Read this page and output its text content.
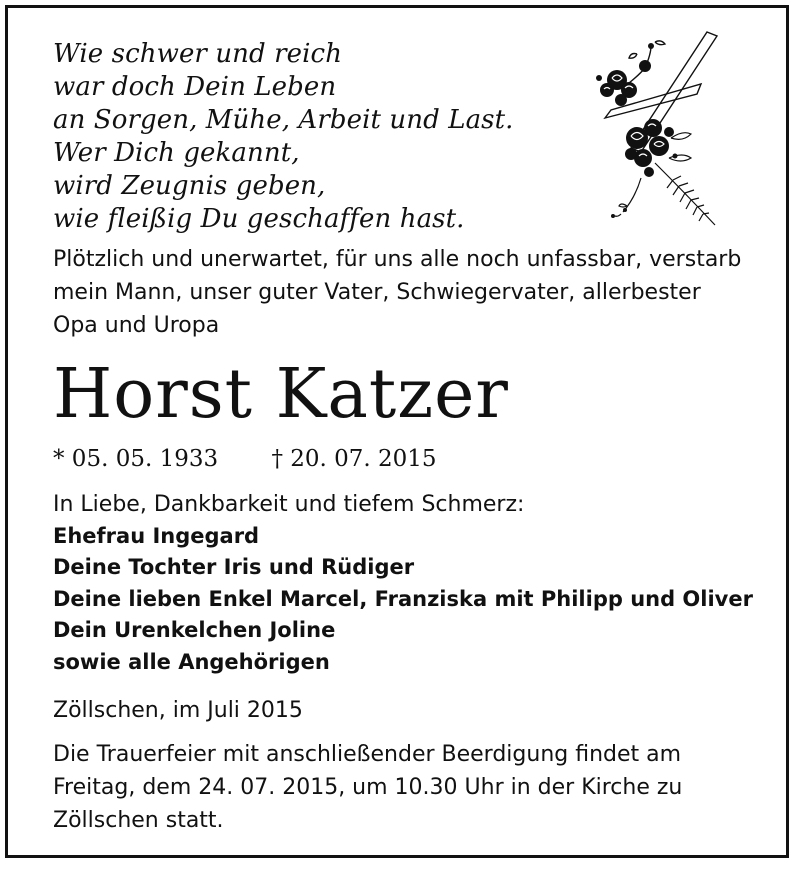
Wie schwer und reich
war doch Dein Leben
an Sorgen, Mühe, Arbeit und Last.
Wer Dich gekannt,
wird Zeugnis geben,
wie fleißig Du geschaffen hast.
Plötzlich und unerwartet, für uns alle noch unfassbar, verstarb
mein Mann, unser guter Vater, Schwiegervater, allerbester
Opa und Uropa
Horst Katzer
* 05. 05. 1933 † 20. 07. 2015
In Liebe, Dankbarkeit und tiefem Schmerz:
Ehefrau Ingegard
Deine Tochter Iris und Rüdiger
Deine lieben Enkel Marcel, Franziska mit Philipp und Oliver
Dein Urenkelchen Joline
sowie alle Angehörigen
Zöllschen, im Juli 2015
Die Trauerfeier mit anschließender Beerdigung findet am
Freitag, dem 24. 07. 2015, um 10.30 Uhr in der Kirche zu
Zöllschen statt.
